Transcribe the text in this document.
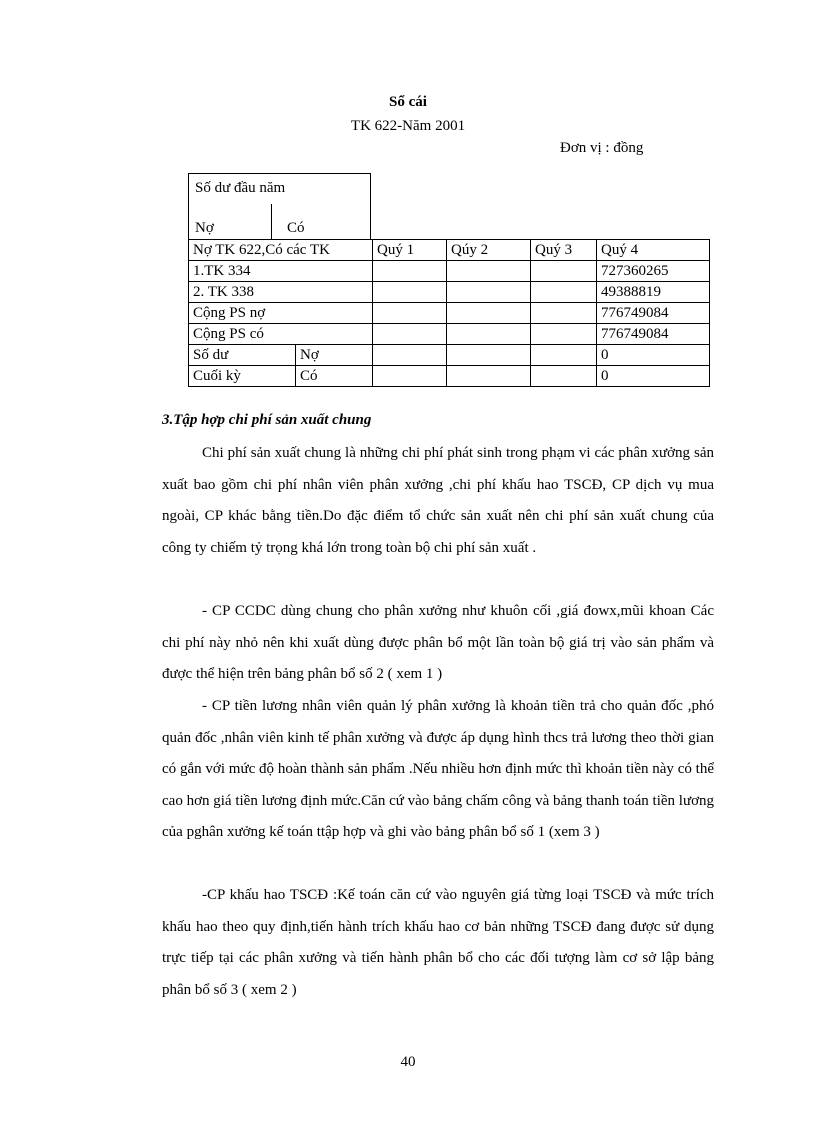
Sổ cái
TK 622-Năm 2001
Đơn vị : đồng
Số dư đầu năm
Nợ	Có
Nợ TK 622,Có các TK		Quý 1	Qúy 2	Quý 3	Quý 4
1.TK 334					727360265
2. TK 338					49388819
Cộng PS nợ					776749084
Cộng PS có					776749084
Số dư	Nợ				0
Cuối kỳ	Có				0
3.Tập hợp chi phí sản xuất chung
Chi phí sản xuất chung là những chi phí phát sinh trong phạm vi các phân xưởng sản xuất bao gồm chi phí nhân viên phân xưởng ,chi phí khấu hao TSCĐ, CP dịch vụ mua ngoài, CP khác bằng tiền.Do đặc điểm tổ chức sản xuất nên chi phí sản xuất chung của công ty chiếm tỷ trọng khá lớn trong toàn bộ chi phí sản xuất .
- CP CCDC dùng chung cho phân xưởng như khuôn cối ,giá đowx,mũi khoan Các chi phí này nhỏ nên khi xuất dùng được phân bổ một lần toàn bộ giá trị vào sản phẩm và được thể hiện trên bảng phân bổ số 2 ( xem 1 )
- CP tiền lương nhân viên quản lý phân xưởng là khoản tiền trả cho quản đốc ,phó quản đốc ,nhân viên kinh tế phân xưởng và được áp dụng hình thcs trả lương theo thời gian có gắn với mức độ hoàn thành sản phẩm .Nếu nhiều hơn định mức thì khoản tiền này có thể cao hơn giá tiền lương định mức.Căn cứ vào bảng chấm công và bảng thanh toán tiền lương của pghân xưởng kế toán ttập hợp và ghi vào bảng phân bổ số 1 (xem 3 )
-CP khấu hao TSCĐ :Kế toán căn cứ vào nguyên giá từng loại TSCĐ và mức trích khấu hao theo quy định,tiến hành trích khấu hao cơ bản những TSCĐ đang được sử dụng trực tiếp tại các phân xưởng và tiến hành phân bổ cho các đối tượng làm cơ sở lập bảng phân bổ số 3 ( xem 2 )
40
